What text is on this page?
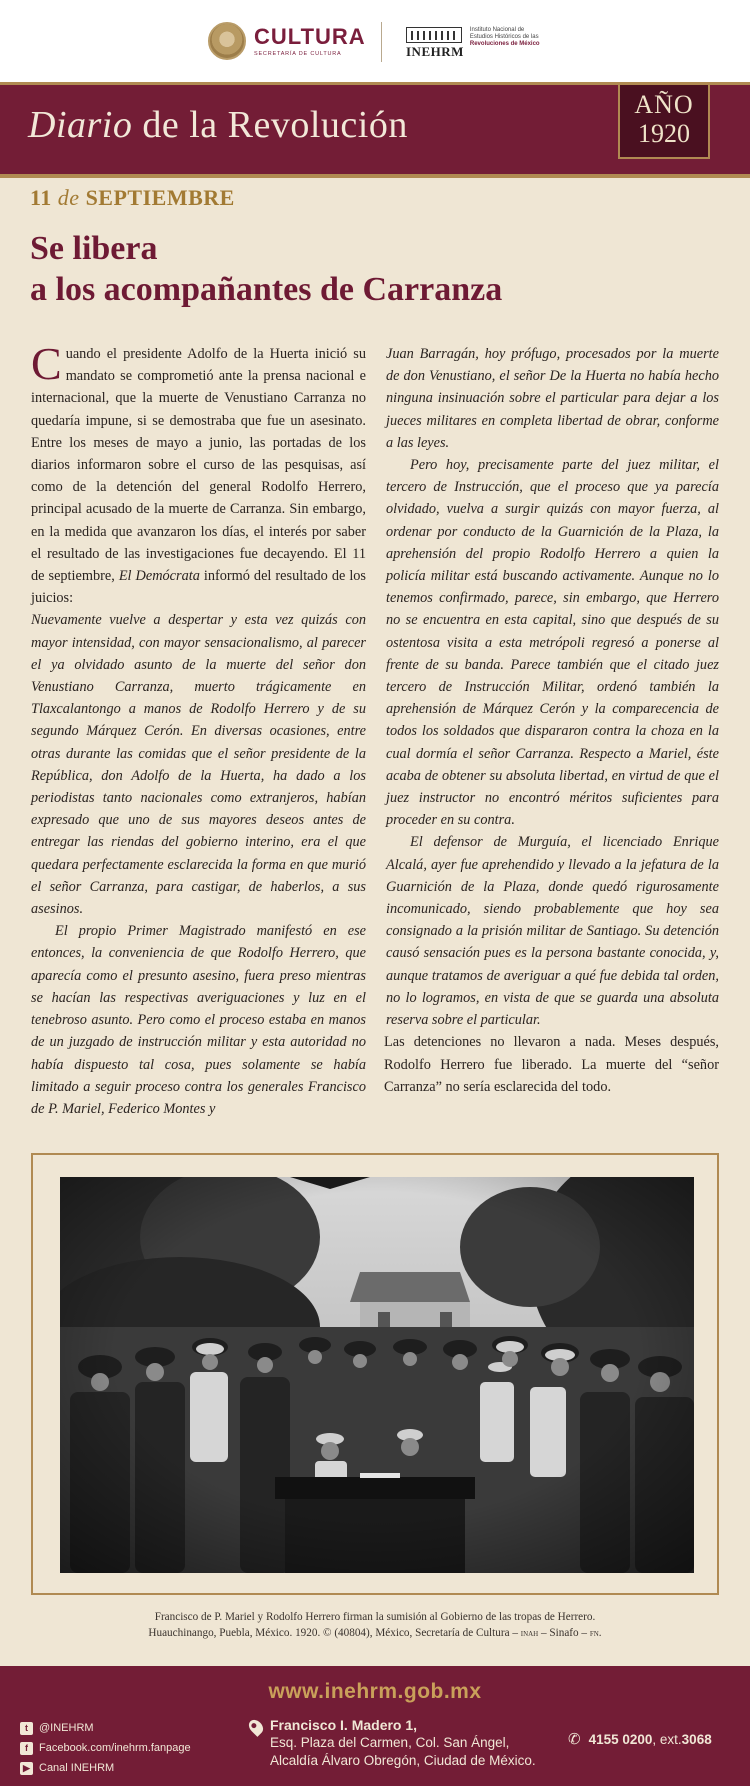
CULTURA
SECRETARÍA DE CULTURA	INEHRM
Instituto Nacional de
Estudios Históricos de las
Revoluciones de México
Diario de la Revolución	AÑO
1920
11 de SEPTIEMBRE
Se libera
a los acompañantes de Carranza

Cuando el presidente Adolfo de la Huerta inició su mandato se comprometió ante la prensa nacional e internacional, que la muerte de Venustiano Carranza no quedaría impune, si se demostraba que fue un asesinato. Entre los meses de mayo a junio, las portadas de los diarios informaron sobre el curso de las pesquisas, así como de la detención del general Rodolfo Herrero, principal acusado de la muerte de Carranza. Sin embargo, en la medida que avanzaron los días, el interés por saber el resultado de las investigaciones fue decayendo. El 11 de septiembre, El Demócrata informó del resultado de los juicios:

Nuevamente vuelve a despertar y esta vez quizás con mayor intensidad, con mayor sensacionalismo, al parecer el ya olvidado asunto de la muerte del señor don Venustiano Carranza, muerto trágicamente en Tlaxcalantongo a manos de Rodolfo Herrero y de su segundo Márquez Cerón. En diversas ocasiones, entre otras durante las comidas que el señor presidente de la República, don Adolfo de la Huerta, ha dado a los periodistas tanto nacionales como extranjeros, habían expresado que uno de sus mayores deseos antes de entregar las riendas del gobierno interino, era el que quedara perfectamente esclarecida la forma en que murió el señor Carranza, para castigar, de haberlos, a sus asesinos.

El propio Primer Magistrado manifestó en ese entonces, la conveniencia de que Rodolfo Herrero, que aparecía como el presunto asesino, fuera preso mientras se hacían las respectivas averiguaciones y luz en el tenebroso asunto. Pero como el proceso estaba en manos de un juzgado de instrucción militar y esta autoridad no había dispuesto tal cosa, pues solamente se había limitado a seguir proceso contra los generales Francisco de P. Mariel, Federico Montes y

Juan Barragán, hoy prófugo, procesados por la muerte de don Venustiano, el señor De la Huerta no había hecho ninguna insinuación sobre el particular para dejar a los jueces militares en completa libertad de obrar, conforme a las leyes.

Pero hoy, precisamente parte del juez militar, el tercero de Instrucción, que el proceso que ya parecía olvidado, vuelva a surgir quizás con mayor fuerza, al ordenar por conducto de la Guarnición de la Plaza, la aprehensión del propio Rodolfo Herrero a quien la policía militar está buscando activamente. Aunque no lo tenemos confirmado, parece, sin embargo, que Herrero no se encuentra en esta capital, sino que después de su ostentosa visita a esta metrópoli regresó a ponerse al frente de su banda. Parece también que el citado juez tercero de Instrucción Militar, ordenó también la aprehensión de Márquez Cerón y la comparecencia de todos los soldados que dispararon contra la choza en la cual dormía el señor Carranza. Respecto a Mariel, éste acaba de obtener su absoluta libertad, en virtud de que el juez instructor no encontró méritos suficientes para proceder en su contra.

El defensor de Murguía, el licenciado Enrique Alcalá, ayer fue aprehendido y llevado a la jefatura de la Guarnición de la Plaza, donde quedó rigurosamente incomunicado, siendo probablemente que hoy sea consignado a la prisión militar de Santiago. Su detención causó sensación pues es la persona bastante conocida, y, aunque tratamos de averiguar a qué fue debida tal orden, no lo logramos, en vista de que se guarda una absoluta reserva sobre el particular.

Las detenciones no llevaron a nada. Meses después, Rodolfo Herrero fue liberado. La muerte del “señor Carranza” no sería esclarecida del todo.

Francisco de P. Mariel y Rodolfo Herrero firman la sumisión al Gobierno de las tropas de Herrero.
Huauchinango, Puebla, México. 1920. © (40804), México, Secretaría de Cultura – inah – Sinafo – fn.
www.inehrm.gob.mx
t	@INEHRM
f	Facebook.com/inehrm.fanpage
▶ Canal INEHRM
Francisco I. Madero 1,
Esq. Plaza del Carmen, Col. San Ángel,
Alcaldía Álvaro Obregón, Ciudad de México.
✆ 4155 0200 , ext. 3068
